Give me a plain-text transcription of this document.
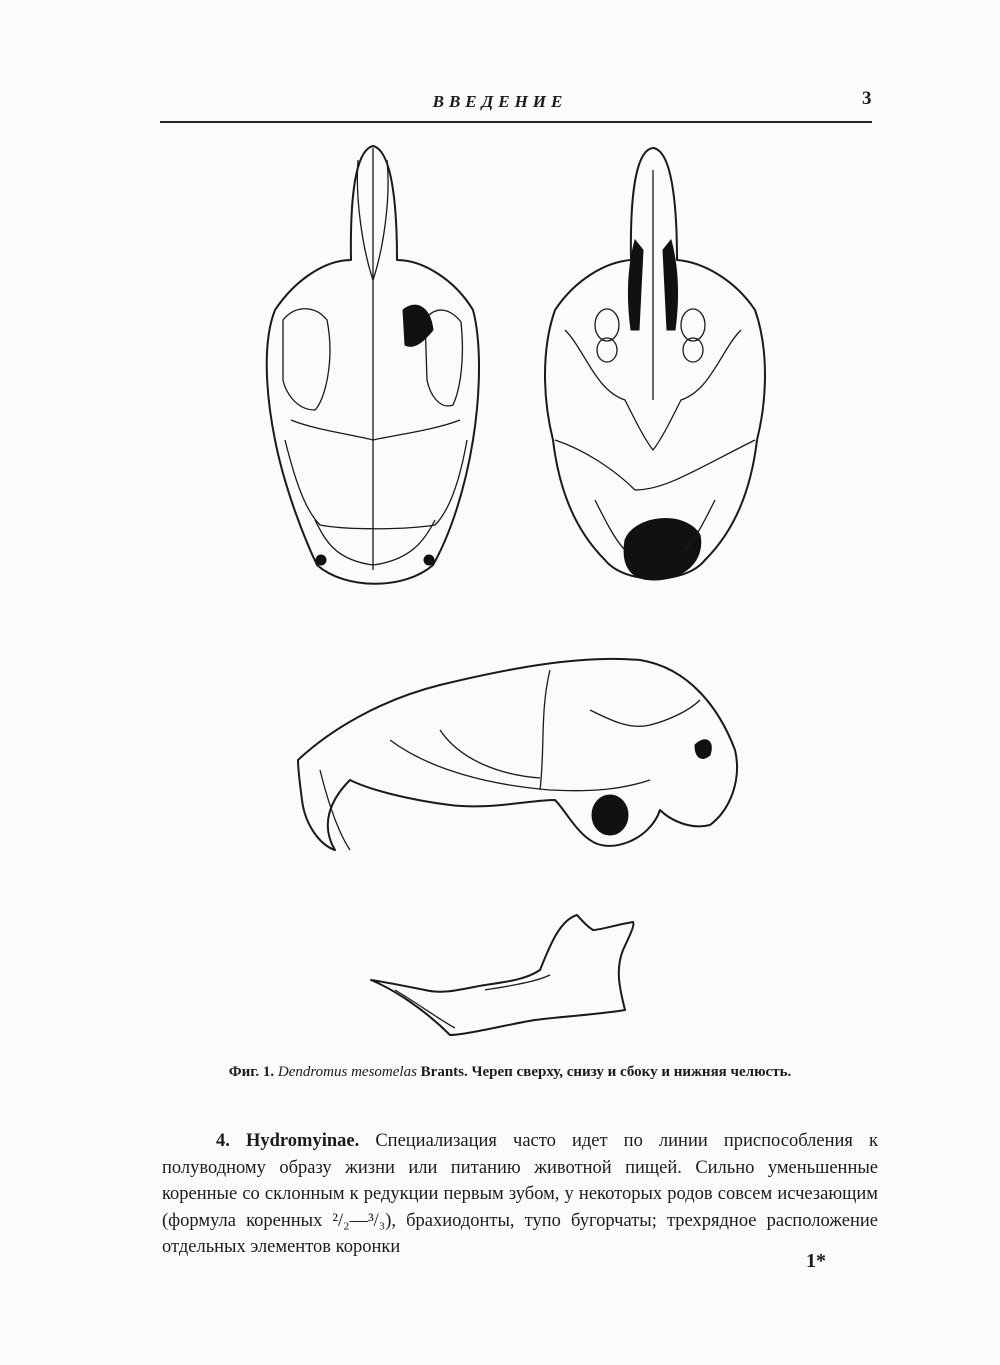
ВВЕДЕНИЕ	3
Фиг. 1. Dendromus mesomelas Brants. Череп сверху, снизу и сбоку и нижняя челюсть.
4. Hydromyinae. Специализация часто идет по линии приспособления к полуводному образу жизни или питанию животной пищей. Сильно уменьшенные коренные со склонным к редукции первым зубом, у некоторых родов совсем исчезающим (формула коренных ²/₂—³/₃), брахиодонты, тупо бугорчаты; трехрядное расположение отдельных элементов коронки
1*
